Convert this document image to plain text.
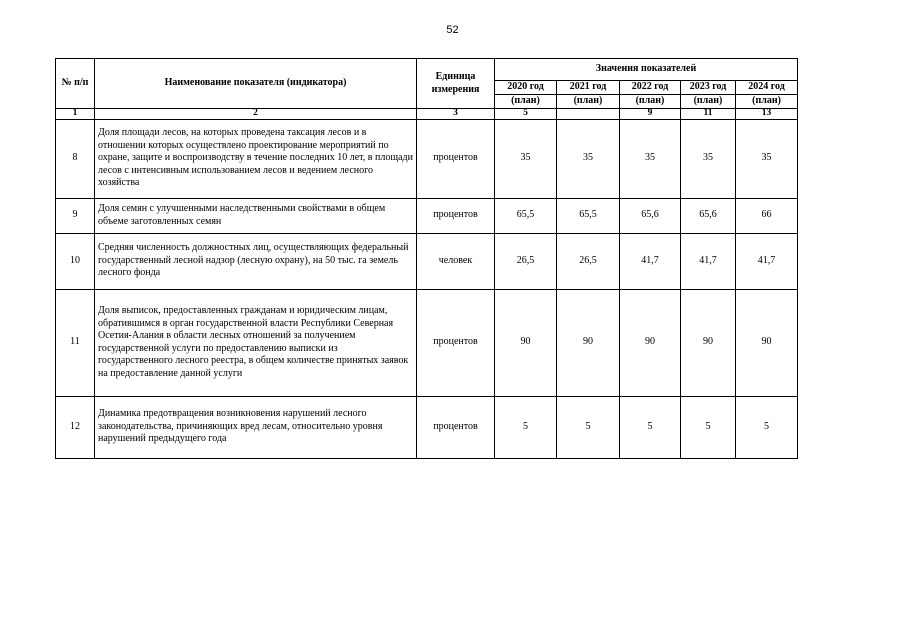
52
№ п/п	Наименование показателя (индикатора)	Единица измерения	Значения показателей				
			2020 год	2021 год	2022 год	2023 год	2024 год
			(план)	(план)	(план)	(план)	(план)
1	2	3	5		9	11	13
8	Доля площади лесов, на которых проведена таксация лесов и в отношении которых осуществлено проектирование мероприятий по охране, защите и воспроизводству в течение последних 10 лет, в площади лесов с интенсивным использованием лесов и ведением лесного хозяйства	процентов	35	35	35	35	35
9	Доля семян с улучшенными наследственными свойствами в общем объеме заготовленных семян	процентов	65,5	65,5	65,6	65,6	66
10	Средняя численность должностных лиц, осуществляющих федеральный государственный лесной надзор (лесную охрану), на 50 тыс. га земель лесного фонда	человек	26,5	26,5	41,7	41,7	41,7
11	Доля выписок, предоставленных гражданам и юридическим лицам, обратившимся в орган государственной власти Республики Северная Осетия-Алания в области лесных отношений за получением государственной услуги по предоставлению выписки из государственного лесного реестра, в общем количестве принятых заявок на предоставление данной услуги	процентов	90	90	90	90	90
12	Динамика предотвращения возникновения нарушений лесного законодательства, причиняющих вред лесам, относительно уровня нарушений предыдущего года	процентов	5	5	5	5	5
